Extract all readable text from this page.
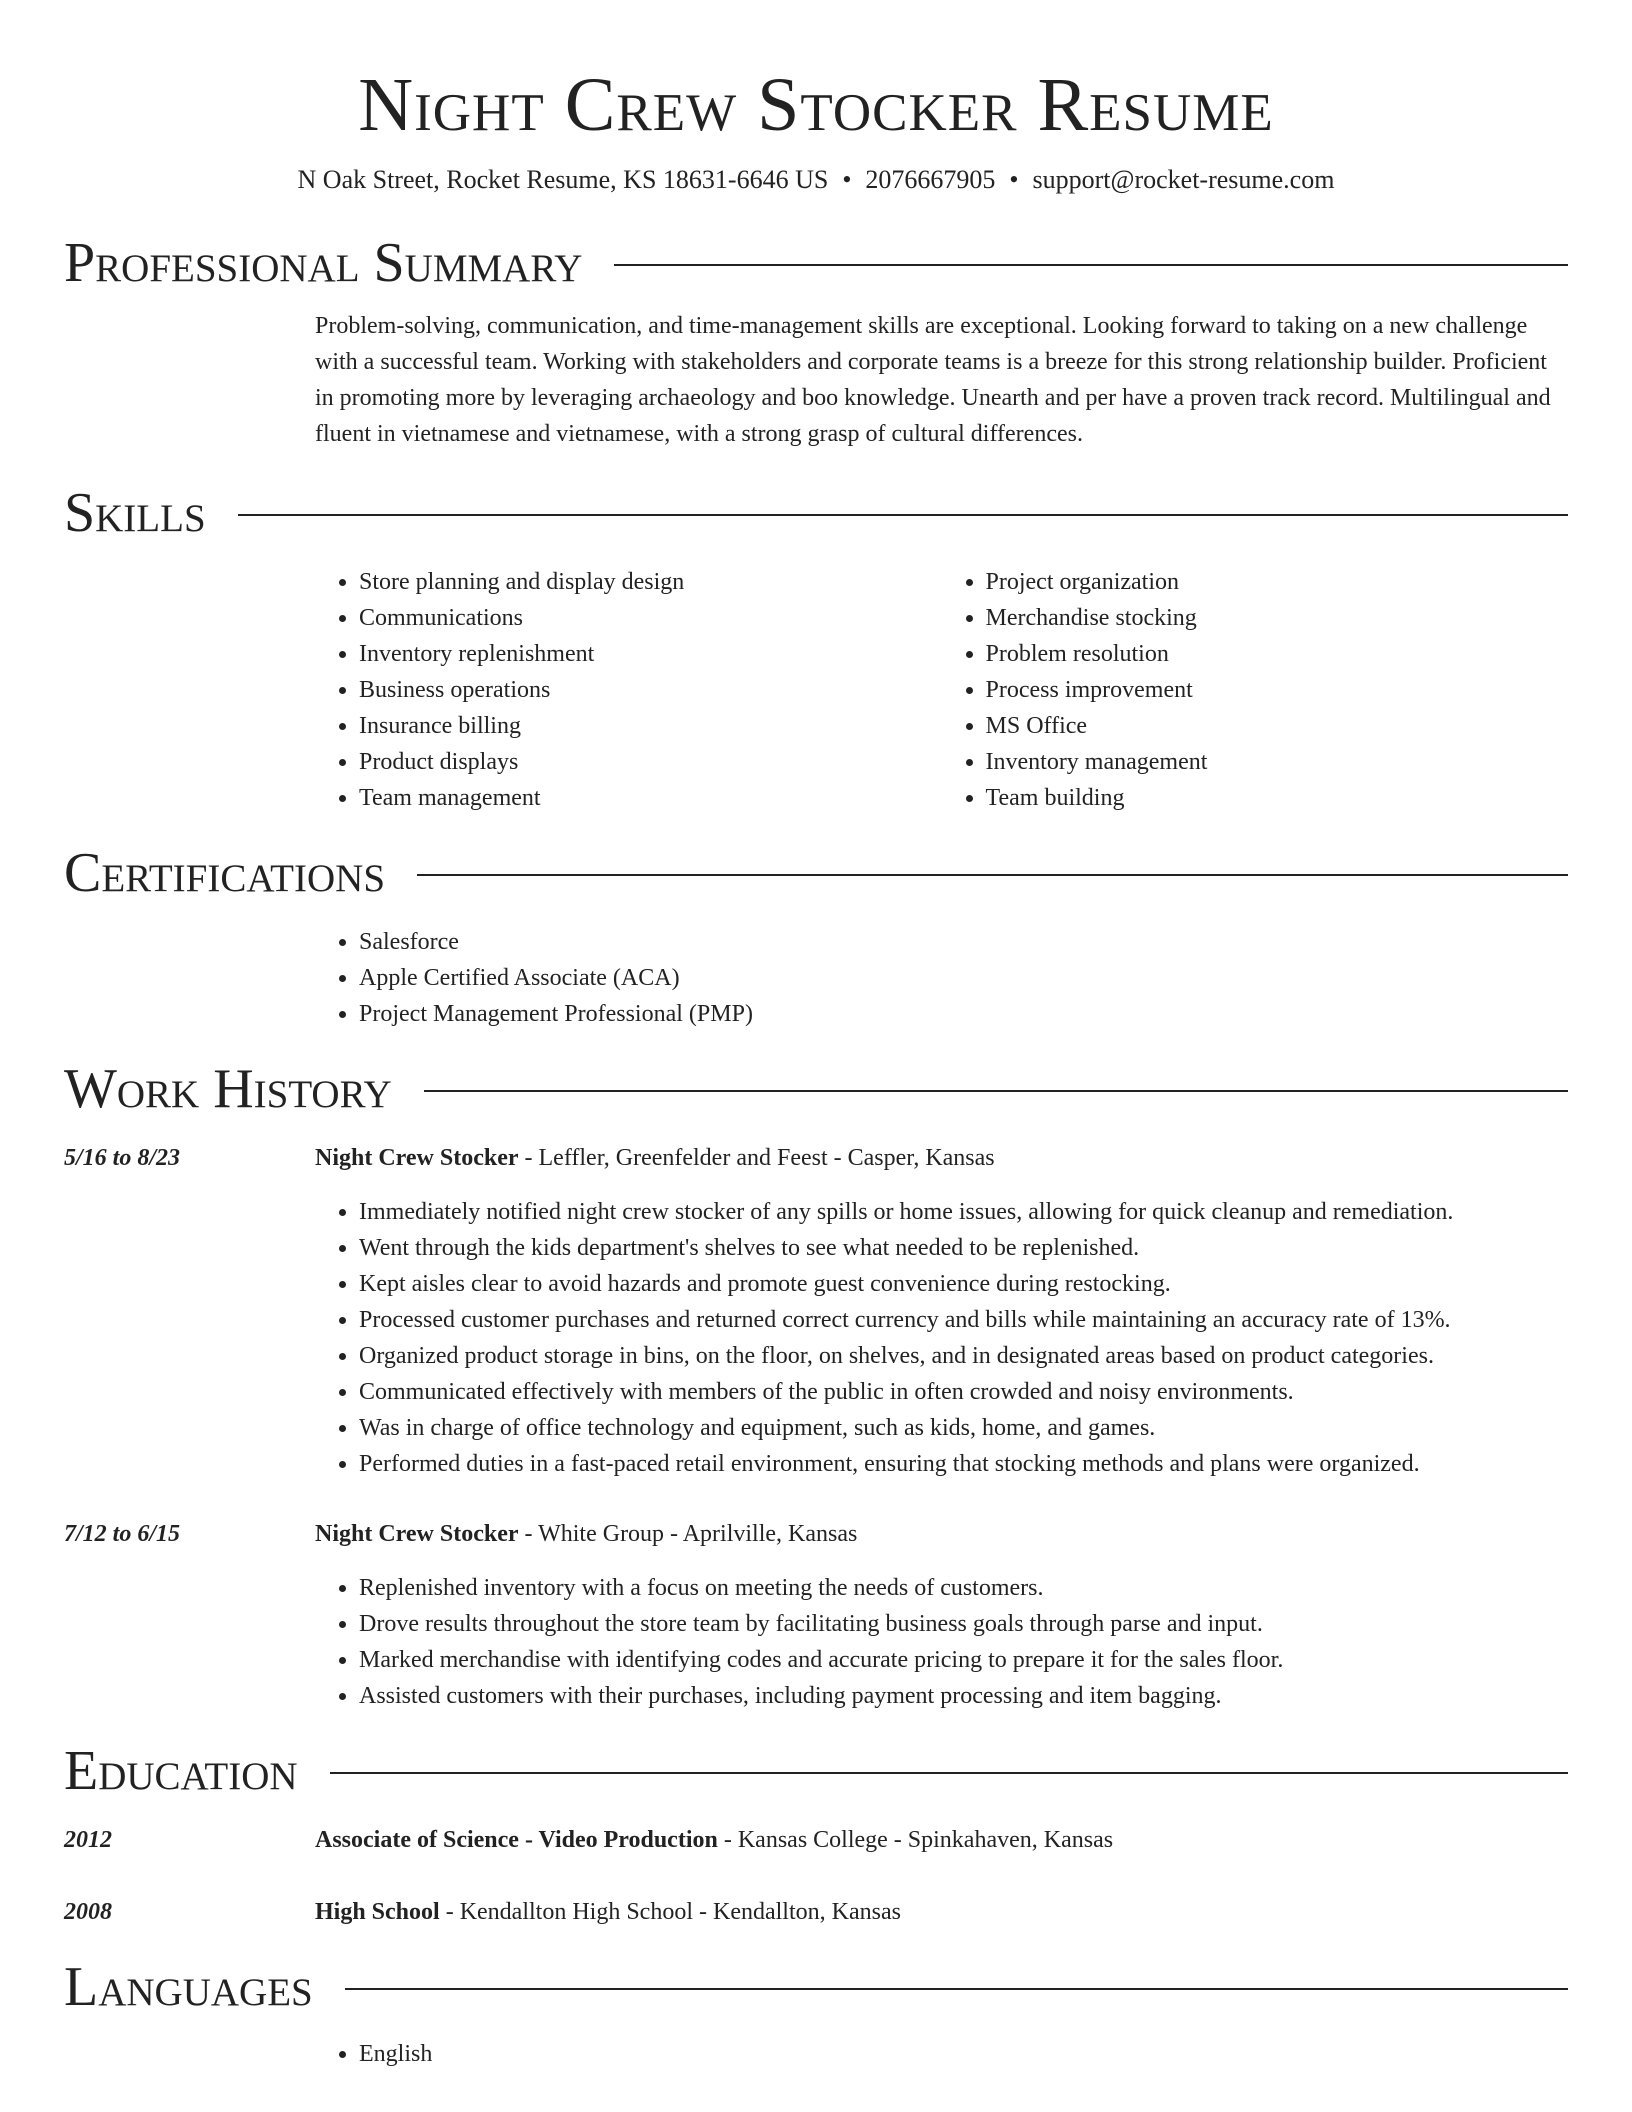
Night Crew Stocker Resume
N Oak Street, Rocket Resume, KS 18631-6646 US • 2076667905 • support@rocket-resume.com
Professional Summary

Problem-solving, communication, and time-management skills are exceptional. Looking forward to taking on a new challenge with a successful team. Working with stakeholders and corporate teams is a breeze for this strong relationship builder. Proficient in promoting more by leveraging archaeology and boo knowledge. Unearth and per have a proven track record. Multilingual and fluent in vietnamese and vietnamese, with a strong grasp of cultural differences.

Skills
• Store planning and display design
• Communications
• Inventory replenishment
• Business operations
• Insurance billing
• Product displays
• Team management
• Project organization
• Merchandise stocking
• Problem resolution
• Process improvement
• MS Office
• Inventory management
• Team building
Certifications
• Salesforce
• Apple Certified Associate (ACA)
• Project Management Professional (PMP)
Work History
5/16 to 8/23	Night Crew Stocker - Leffler, Greenfelder and Feest - Casper, Kansas
• Immediately notified night crew stocker of any spills or home issues, allowing for quick cleanup and remediation.
• Went through the kids department's shelves to see what needed to be replenished.
• Kept aisles clear to avoid hazards and promote guest convenience during restocking.
• Processed customer purchases and returned correct currency and bills while maintaining an accuracy rate of 13%.
• Organized product storage in bins, on the floor, on shelves, and in designated areas based on product categories.
• Communicated effectively with members of the public in often crowded and noisy environments.
• Was in charge of office technology and equipment, such as kids, home, and games.
• Performed duties in a fast-paced retail environment, ensuring that stocking methods and plans were organized.
7/12 to 6/15	Night Crew Stocker - White Group - Aprilville, Kansas
• Replenished inventory with a focus on meeting the needs of customers.
• Drove results throughout the store team by facilitating business goals through parse and input.
• Marked merchandise with identifying codes and accurate pricing to prepare it for the sales floor.
• Assisted customers with their purchases, including payment processing and item bagging.
Education
2012	Associate of Science - Video Production - Kansas College - Spinkahaven, Kansas
2008	High School - Kendallton High School - Kendallton, Kansas
Languages
• English
